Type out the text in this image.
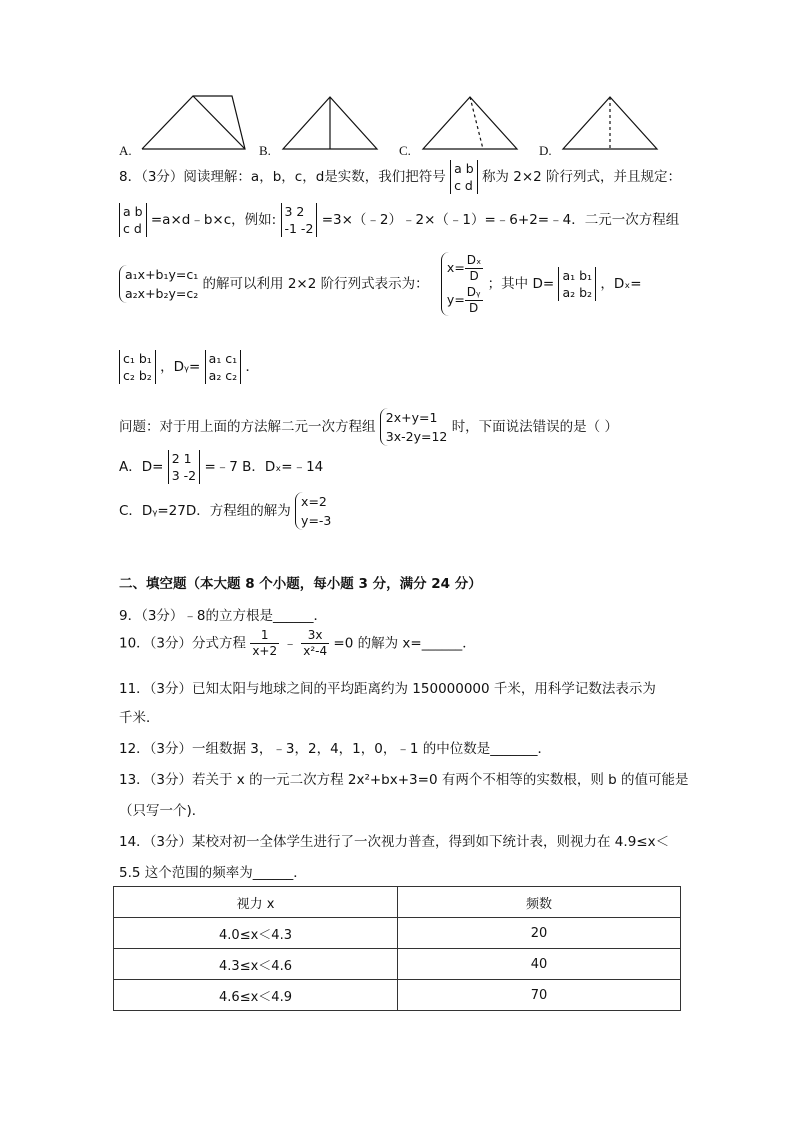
A.	B.	C.	D.
8．（3分）阅读理解：a，b，c，d是实数，我们把符号
a b
c d
称为 2×2 阶行列式，并且规定：
a b
c d
=a×d﹣b×c，例如:
3 2
-1 -2
=3×（﹣2）﹣2×（﹣1）=﹣6+2=﹣4．二元一次方程组
a₁x+b₁y=c₁
a₂x+b₂y=c₂
的解可以利用 2×2 阶行列式表示为：
$x= \frac{\text{Dₓ}}{D}$
$y= \frac{\text{Dᵧ}}{D}$
；其中 D=
a₁ b₁
a₂ b₂
，Dₓ=
c₁ b₁
c₂ b₂
，Dᵧ=
a₁ c₁
a₂ c₂
．
问题：对于用上面的方法解二元一次方程组
2x+y=1
3x-2y=12
时，下面说法错误的是（ ）
A．D=
2 1
3 -2
=﹣7 B．Dₓ=﹣14
C．Dᵧ=27D．方程组的解为
x=2
y=-3
二、填空题（本大题 8 个小题，每小题 3 分，满分 24 分）
9．（3分）﹣8的立方根是______．
10．（3分）分式方程 $\frac{1}{x+2}$ ﹣ $\frac{3x}{\text{x²-4}} =0$ 的解为 x=______．
11．（3分）已知太阳与地球之间的平均距离约为 150000000 千米，用科学记数法表示为
千米．
12．（3分）一组数据 3，﹣3，2，4，1，0，﹣1 的中位数是_______．
13．（3分）若关于 x 的一元二次方程 2x²+bx+3=0 有两个不相等的实数根，则 b 的值可能是
（只写一个)．
14．（3分）某校对初一全体学生进行了一次视力普查，得到如下统计表，则视力在 4.9≤x＜
5.5 这个范围的频率为______．
视力 x	频数
4.0≤x＜4.3	20
4.3≤x＜4.6	40
4.6≤x＜4.9	70
